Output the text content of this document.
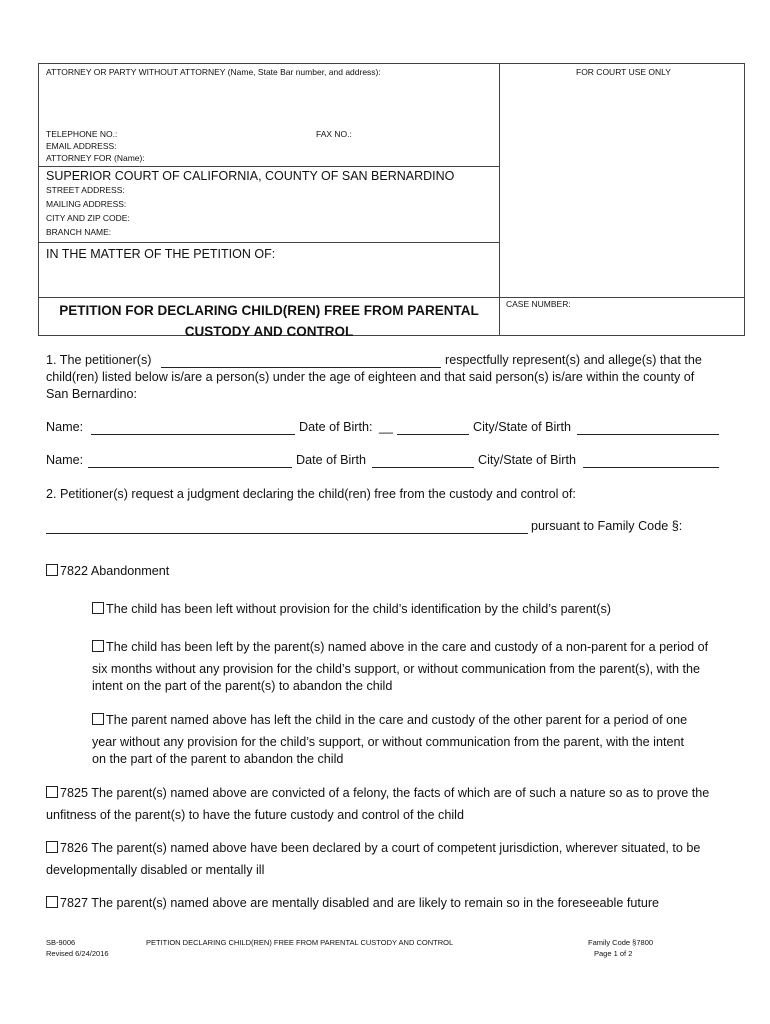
ATTORNEY OR PARTY WITHOUT ATTORNEY (Name, State Bar number, and address):	FOR COURT USE ONLY
TELEPHONE NO.:	FAX NO.:
EMAIL ADDRESS:
ATTORNEY FOR (Name):
SUPERIOR COURT OF CALIFORNIA, COUNTY OF SAN BERNARDINO
STREET ADDRESS:
MAILING ADDRESS:
CITY AND ZIP CODE:
BRANCH NAME:
IN THE MATTER OF THE PETITION OF:
PETITION FOR DECLARING CHILD(REN) FREE FROM PARENTAL
CUSTODY AND CONTROL
CASE NUMBER:
1. The petitioner(s)	respectfully represent(s) and allege(s) that the
child(ren) listed below is/are a person(s) under the age of eighteen and that said person(s) is/are within the county of
San Bernardino:
Name:	Date of Birth: __	City/State of Birth
Name:	Date of Birth	City/State of Birth
2. Petitioner(s) request a judgment declaring the child(ren) free from the custody and control of:
pursuant to Family Code §:
7822 Abandonment
The child has been left without provision for the child’s identification by the child’s parent(s)
The child has been left by the parent(s) named above in the care and custody of a non-parent for a period of
six months without any provision for the child’s support, or without communication from the parent(s), with the
intent on the part of the parent(s) to abandon the child
The parent named above has left the child in the care and custody of the other parent for a period of one
year without any provision for the child’s support, or without communication from the parent, with the intent
on the part of the parent to abandon the child
7825 The parent(s) named above are convicted of a felony, the facts of which are of such a nature so as to prove the
unfitness of the parent(s) to have the future custody and control of the child
7826 The parent(s) named above have been declared by a court of competent jurisdiction, wherever situated, to be
developmentally disabled or mentally ill
7827 The parent(s) named above are mentally disabled and are likely to remain so in the foreseeable future
SB-9006
Revised 6/24/2016
PETITION DECLARING CHILD(REN) FREE FROM PARENTAL CUSTODY AND CONTROL	Family Code §7800
Page 1 of 2
